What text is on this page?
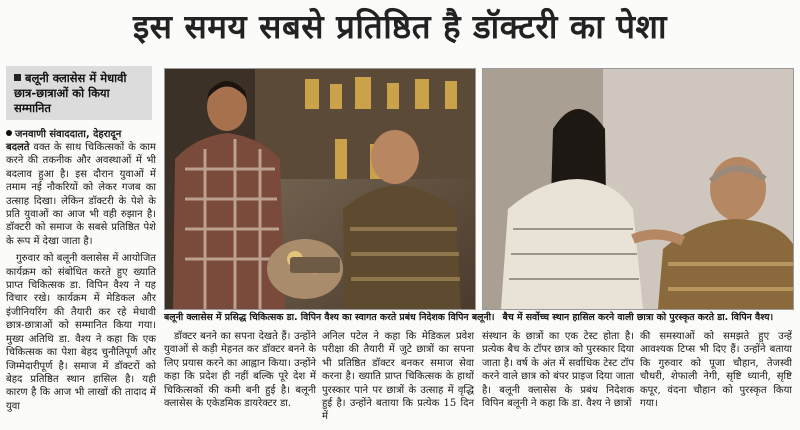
इस समय सबसे प्रतिष्ठित है डॉक्टरी का पेशा
बलूनी क्लासेस में मेधावी छात्र-छात्राओं को किया सम्मानित
जनवाणी संवाददाता, देहरादून

बदलते वक्त के साथ चिकित्सकों के काम करने की तकनीक और अवस्थाओं में भी बदलाव हुआ है। इस दौरान युवाओं में तमाम नई नौकरियों को लेकर गजब का उत्साह दिखा। लेकिन डॉक्टरी के पेशे के प्रति युवाओं का आज भी वही रुझान है। डॉक्टरी को समाज के सबसे प्रतिष्ठित पेशे के रूप में देखा जाता है।

गुरुवार को बलूनी क्लासेस में आयोजित कार्यक्रम को संबोधित करते हुए ख्याति प्राप्त चिकित्सक डा. विपिन वैश्य ने यह विचार रखे। कार्यक्रम में मेडिकल और इंजीनियरिंग की तैयारी कर रहे मेधावी छात्र-छात्राओं को सम्मानित किया गया। मुख्य अतिथि डा. वैश्य ने कहा कि एक चिकित्सक का पेशा बेहद चुनौतिपूर्ण और जिम्मेदारीपूर्ण है। समाज में डॉक्टरों को बेहद प्रतिष्ठित स्थान हासिल है। यही कारण है कि आज भी लाखों की तादाद में युवा

बलूनी क्लासेस में प्रसिद्ध चिकित्सक डा. विपिन वैश्य का स्वागत करते प्रबंध निदेशक विपिन बलूनी। बैच में सर्वोच्च स्थान हासिल करने वाली छात्रा को पुरस्कृत करते डा. विपिन वैश्य।

डॉक्टर बनने का सपना देखते हैं। उन्होंने युवाओं से कड़ी मेहनत कर डॉक्टर बनने के लिए प्रयास करने का आह्वान किया। उन्होंने कहा कि प्रदेश ही नहीं बल्कि पूरे देश में चिकित्सकों की कमी बनी हुई है। बलूनी क्लासेस के एकेडमिक डायरेक्टर डा.

अनिल पटेल ने कहा कि मेडिकल प्रवेश परीक्षा की तैयारी में जुटे छात्रों का सपना भी प्रतिष्ठित डॉक्टर बनकर समाज सेवा करना है। ख्याति प्राप्त चिकित्सक के हाथों पुरस्कार पाने पर छात्रों के उत्साह में वृद्धि हुई है। उन्होंने बताया कि प्रत्येक 15 दिन में

संस्थान के छात्रों का एक टेस्ट होता है। प्रत्येक बैच के टॉपर छात्र को पुरस्कार दिया जाता है। वर्ष के अंत में सर्वाधिक टेस्ट टॉप करने वाले छात्र को बंपर प्राइज दिया जाता है। बलूनी क्लासेस के प्रबंध निदेशक विपिन बलूनी ने कहा कि डा. वैश्य ने छात्रों

की समस्याओं को समझते हुए उन्हें आवश्यक टिप्स भी दिए हैं। उन्होंने बताया कि गुरुवार को पूजा चौहान, तेजस्वी चौधरी, शेफाली नेगी, सृष्टि ध्यानी, सृष्टि कपूर, वंदना चौहान को पुरस्कृत किया गया।
